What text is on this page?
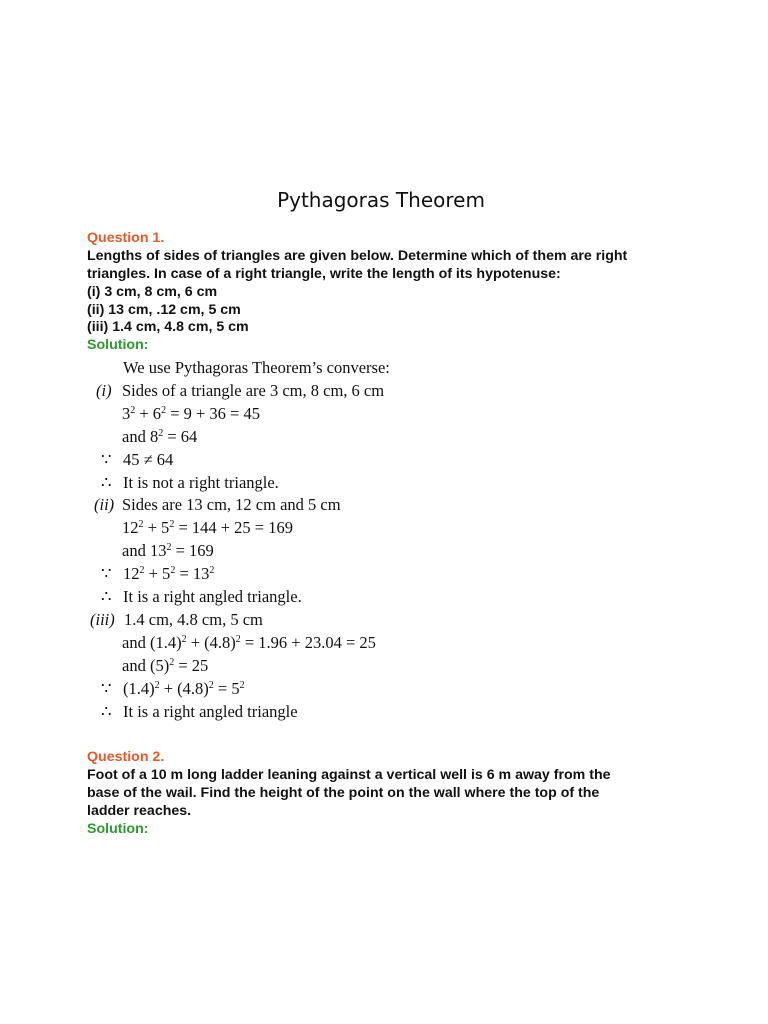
Pythagoras Theorem
Question 1.
Lengths of sides of triangles are given below. Determine which of them are right
triangles. In case of a right triangle, write the length of its hypotenuse:
(i) 3 cm, 8 cm, 6 cm
(ii) 13 cm, .12 cm, 5 cm
(iii) 1.4 cm, 4.8 cm, 5 cm
Solution:
We use Pythagoras Theorem’s converse:
(i) Sides of a triangle are 3 cm, 8 cm, 6 cm
$3^2 + 6^2 = 9 + 36 = 45$
and $8^2 = 64$
∵ 45 ≠ 64
∴ It is not a right triangle.
(ii) Sides are 13 cm, 12 cm and 5 cm
$12^2 + 5^2 = 144 + 25 = 169$
and $13^2 = 169$
∵ $12^2 + 5^2 = 13^2$
∴ It is a right angled triangle.
(iii) 1.4 cm, 4.8 cm, 5 cm
and $(1.4)^2 + (4.8)^2 = 1.96 + 23.04 = 25$
and $(5)^2 = 25$
∵ $(1.4)^2 + (4.8)^2 = 5^2$
∴ It is a right angled triangle
Question 2.
Foot of a 10 m long ladder leaning against a vertical well is 6 m away from the
base of the wail. Find the height of the point on the wall where the top of the
ladder reaches.
Solution:
